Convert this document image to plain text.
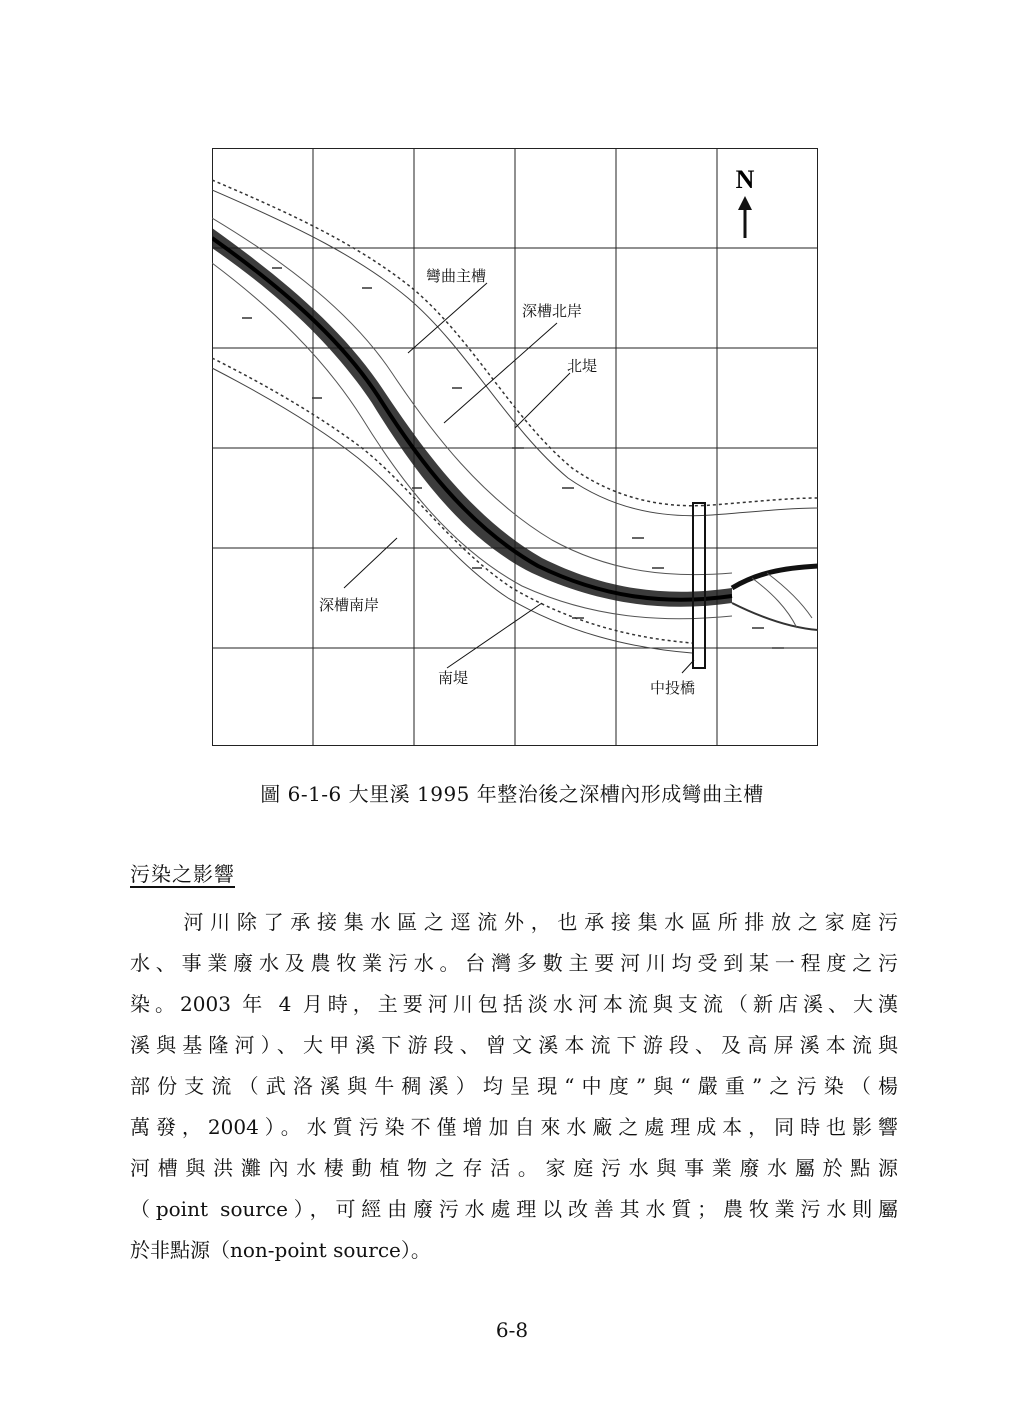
N
彎曲主槽
深槽北岸
北堤
深槽南岸
南堤
中投橋
圖 6-1-6 大里溪 1995 年整治後之深槽內形成彎曲主槽
污染之影響
　　河川除了承接集水區之逕流外，也承接集水區所排放之家庭污
水、事業廢水及農牧業污水。台灣多數主要河川均受到某一程度之污
染。2003 年 4 月時，主要河川包括淡水河本流與支流（新店溪、大漢
溪與基隆河）、大甲溪下游段、曾文溪本流下游段、及高屏溪本流與
部份支流（武洛溪與牛稠溪）均呈現“中度”與“嚴重”之污染（楊
萬發，2004）。水質污染不僅增加自來水廠之處理成本，同時也影響
河槽與洪灘內水棲動植物之存活。家庭污水與事業廢水屬於點源
（point source），可經由廢污水處理以改善其水質；農牧業污水則屬
於非點源（non-point source）。
6-8
